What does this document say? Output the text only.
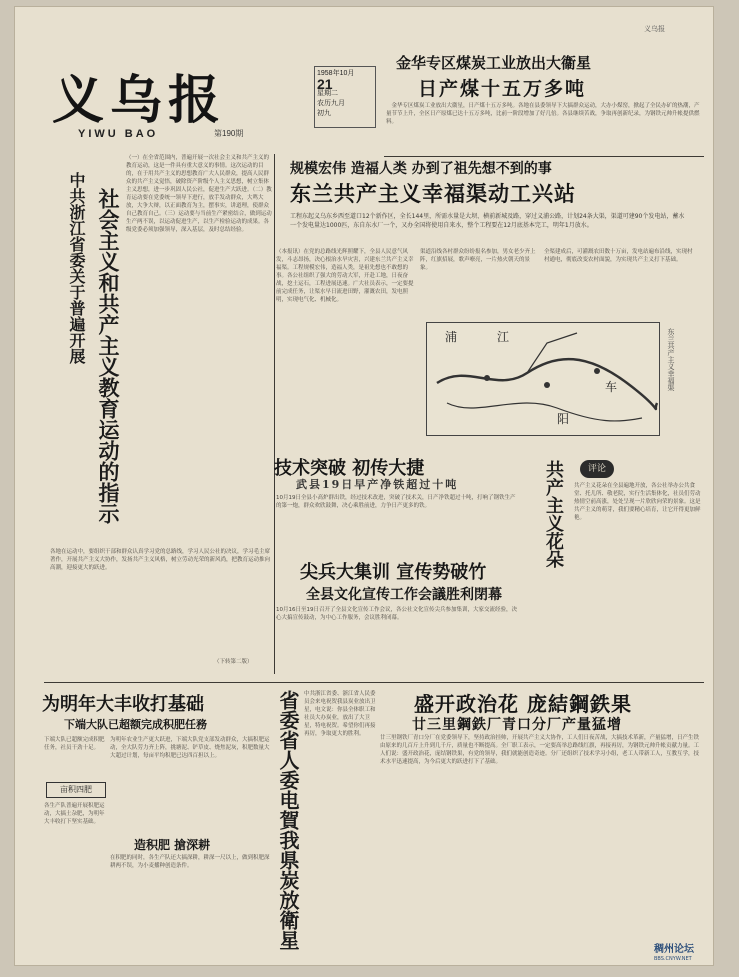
义乌报
YIWU BAO	第190期
1958年10月
21
星期二
农历九月
初九
义乌报
金华专区煤炭工业放出大衞星
日产煤十五万多吨
　金华专区煤炭工业放出大衞星，日产煤十五万多吨。各地在县委领导下大搞群众运动，大办小煤窑，掀起了全民办矿的热潮，产量节节上升，全区日产原煤已达十五万多吨，比前一阶段增加了好几倍。各县继续苦战，争取再创新纪录，为钢铁元帅升帐提供燃料。
规模宏伟 造福人类 办到了祖先想不到的事
东兰共产主义幸福渠动工兴站
工程东起义乌东乡西至道口12个新作区，全长144里，所需水量是大坝、横前新城及路，穿过义浦公路，计划24条大渠，渠道可建90个发电站，蓄水一个发电量达1000匹，东自东水厂一个，又办全国将使用自来水，整个工程要在12月底基本完工，明年1月放水。
（本报讯）在党的总路线光辉照耀下，全县人民意气风发，斗志昂扬，决心根治水旱灾害，兴建东兰共产主义幸福渠。工程规模宏伟，造福人类，是祖先想也不敢想的事。各公社组织了强大的劳动大军，开赴工地，日夜奋战，挖土运石，工程进展迅速。广大社员表示，一定要提前完成任务，让渠水早日流进田野，灌溉农田，发电照明，实现电气化、机械化。
渠道沿线各村群众纷纷报名参加，男女老少齐上阵，红旗招展，歌声嘹亮，一片热火朝天的景象。
全渠建成后，可灌溉农田数十万亩，发电站遍布沿线，实现村村通电，彻底改变农村面貌，为实现共产主义打下基础。
浦	江
车
阳
东兰共产主义幸福渠
社会主义和共产主义教育运动的指示
中共浙江省委关于普遍开展
（一）在全省范围内，普遍开展一次社会主义和共产主义的教育运动，这是一件具有重大意义的事情。这次运动的目的，在于用共产主义的思想教育广大人民群众，提高人民群众的共产主义觉悟，破除资产阶级个人主义思想，树立集体主义思想，进一步巩固人民公社，促进生产大跃进。（二）教育运动要在党委统一领导下进行，放手发动群众，大鸣大放，大争大辩，以正面教育为主，摆事实，讲道理，使群众自己教育自己。（三）运动要与当前生产紧密结合，做到运动生产两不误，以运动促进生产，以生产检验运动的成果。各级党委必须加强领导，深入基层，及时总结经验。
各地在运动中，要组织干部和群众认真学习党的总路线，学习人民公社的决议，学习毛主席著作，开展共产主义大协作，发扬共产主义风格，树立劳动光荣的新风尚，把教育运动推向高潮，迎接更大的跃进。
（下转第二版）
技术突破 初传大捷
武县19日早产净铁超过十吨
10月19日全县小高炉群出铁，经过技术改进，突破了技术关，日产净铁超过十吨，打响了钢铁生产的第一炮，群众欢欣鼓舞，决心乘胜前进，力争日产更多的铁。
尖兵大集训 宣传势破竹
全县文化宣传工作会議胜利閉幕
10月16日至19日召开了全县文化宣传工作会议，各公社文化宣传尖兵参加集训，大家交流经验，决心大搞宣传鼓动，为中心工作服务，会议胜利闭幕。
评论
共产主义花朵 共产主义花朵在全县遍地开放，各公社举办公共食堂、托儿所、敬老院，实行生活集体化，社员们劳动热情空前高涨，处处呈现一片欣欣向荣的景象。这是共产主义的萌芽，我们要精心培育，让它开得更加鲜艳。
为明年大丰收打基础
下端大队已超额完成积肥任務
下端大队已超额完成积肥任务，社员干劲十足。
亩积四肥
各生产队普遍开展积肥运动，大搞土杂肥，为明年大丰收打下坚实基础。
为明年农业生产更大跃进，下端大队党支部发动群众，大搞积肥运动，全大队劳力齐上阵，挑塘泥、铲草皮、烧焦泥灰，积肥数量大大超过计划，每亩平均积肥已达四百担以上。
造积肥 搶深耕
在积肥的同时，各生产队还大搞深耕，耕深一尺以上，做到积肥深耕两不误，为小麦播种创造条件。	省委省人委电賀我県炭放衛星 中共浙江省委、浙江省人民委员会来电祝贺我县炭业放出卫星，电文说：你县全体职工和社员大办炭业，放出了大卫星，特电祝贺。希望你们再接再厉，争取更大的胜利。
盛开政治花 庞結鋼鉄果
廿三里鋼鉄厂青口分厂产量猛增
廿三里钢铁厂青口分厂在党委领导下，坚持政治挂帅，开展共产主义大协作，工人们日夜苦战，大搞技术革新，产量猛增，日产生铁由原来的几百斤上升到几千斤，质量也不断提高。全厂职工表示，一定要高举总路线红旗，再接再厉，为钢铁元帅升帐贡献力量。工人们说：盛开政治花，庞结钢铁果，有党的领导，我们就能创造奇迹。分厂还组织了技术学习小组，老工人带新工人，互教互学，技术水平迅速提高，为今后更大的跃进打下了基础。
稠州论坛
BBS.CNYW.NET
